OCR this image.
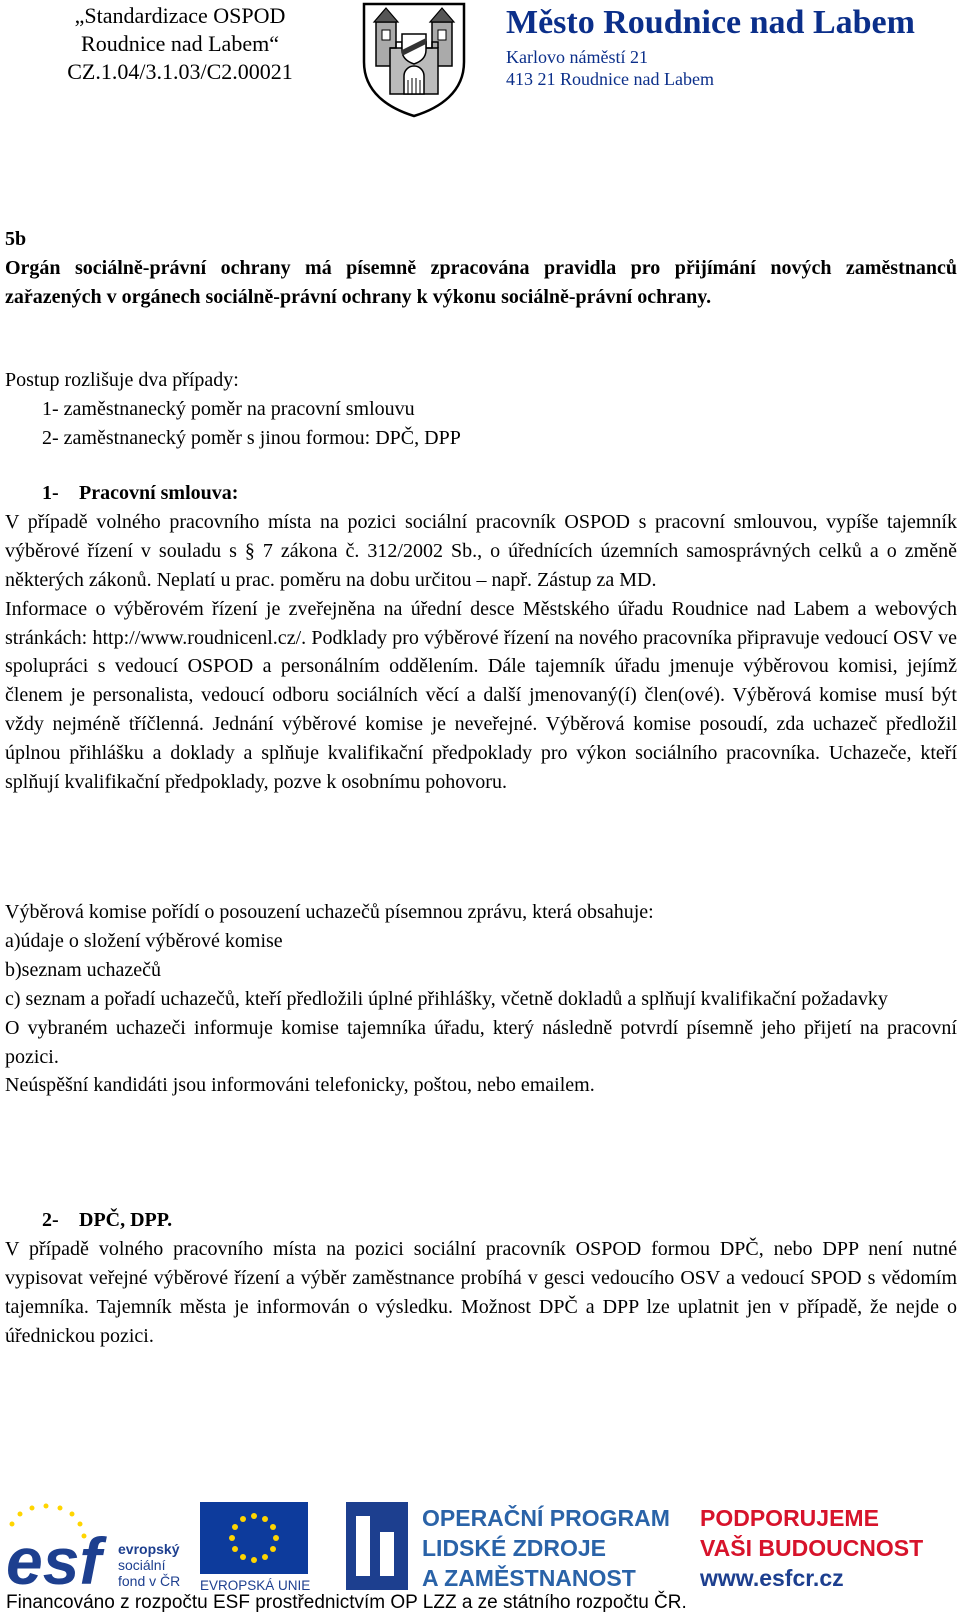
„Standardizace OSPOD
Roudnice nad Labem“
CZ.1.04/3.1.03/C2.00021
Město Roudnice nad Labem
Karlovo náměstí 21
413 21 Roudnice nad Labem

5b

Orgán sociálně-právní ochrany má písemně zpracována pravidla pro přijímání nových zaměstnanců zařazených v orgánech sociálně-právní ochrany k výkonu sociálně-právní ochrany.

Postup rozlišuje dva případy:

1- zaměstnanecký poměr na pracovní smlouvu

2- zaměstnanecký poměr s jinou formou: DPČ, DPP

1- Pracovní smlouva:

V případě volného pracovního místa na pozici sociální pracovník OSPOD s pracovní smlouvou, vypíše tajemník výběrové řízení v souladu s § 7 zákona č. 312/2002 Sb., o úřednících územních samosprávných celků a o změně některých zákonů. Neplatí u prac. poměru na dobu určitou – např. Zástup za MD.

Informace o výběrovém řízení je zveřejněna na úřední desce Městského úřadu Roudnice nad Labem a webových stránkách: http://www.roudnicenl.cz/. Podklady pro výběrové řízení na nového pracovníka připravuje vedoucí OSV ve spolupráci s vedoucí OSPOD a personálním oddělením. Dále tajemník úřadu jmenuje výběrovou komisi, jejímž členem je personalista, vedoucí odboru sociálních věcí a další jmenovaný(í) člen(ové). Výběrová komise musí být vždy nejméně tříčlenná. Jednání výběrové komise je neveřejné. Výběrová komise posoudí, zda uchazeč předložil úplnou přihlášku a doklady a splňuje kvalifikační předpoklady pro výkon sociálního pracovníka. Uchazeče, kteří splňují kvalifikační předpoklady, pozve k osobnímu pohovoru.

Výběrová komise pořídí o posouzení uchazečů písemnou zprávu, která obsahuje:

a)údaje o složení výběrové komise

b)seznam uchazečů

c) seznam a pořadí uchazečů, kteří předložili úplné přihlášky, včetně dokladů a splňují kvalifikační požadavky

O vybraném uchazeči informuje komise tajemníka úřadu, který následně potvrdí písemně jeho přijetí na pracovní pozici.

Neúspěšní kandidáti jsou informováni telefonicky, poštou, nebo emailem.

2- DPČ, DPP.

V případě volného pracovního místa na pozici sociální pracovník OSPOD formou DPČ, nebo DPP není nutné vypisovat veřejné výběrové řízení a výběr zaměstnance probíhá v gesci vedoucího OSV a vedoucí SPOD s vědomím tajemníka. Tajemník města je informován o výsledku. Možnost DPČ a DPP lze uplatnit jen v případě, že nejde o úřednickou pozici.

esf	evropský
sociální
fond v ČR EVROPSKÁ UNIE
OPERAČNÍ PROGRAM
LIDSKÉ ZDROJE
A ZAMĚSTNANOST
PODPORUJEME
VAŠI BUDOUCNOST
www.esfcr.cz
Financováno z rozpočtu ESF prostřednictvím OP LZZ a ze státního rozpočtu ČR.
